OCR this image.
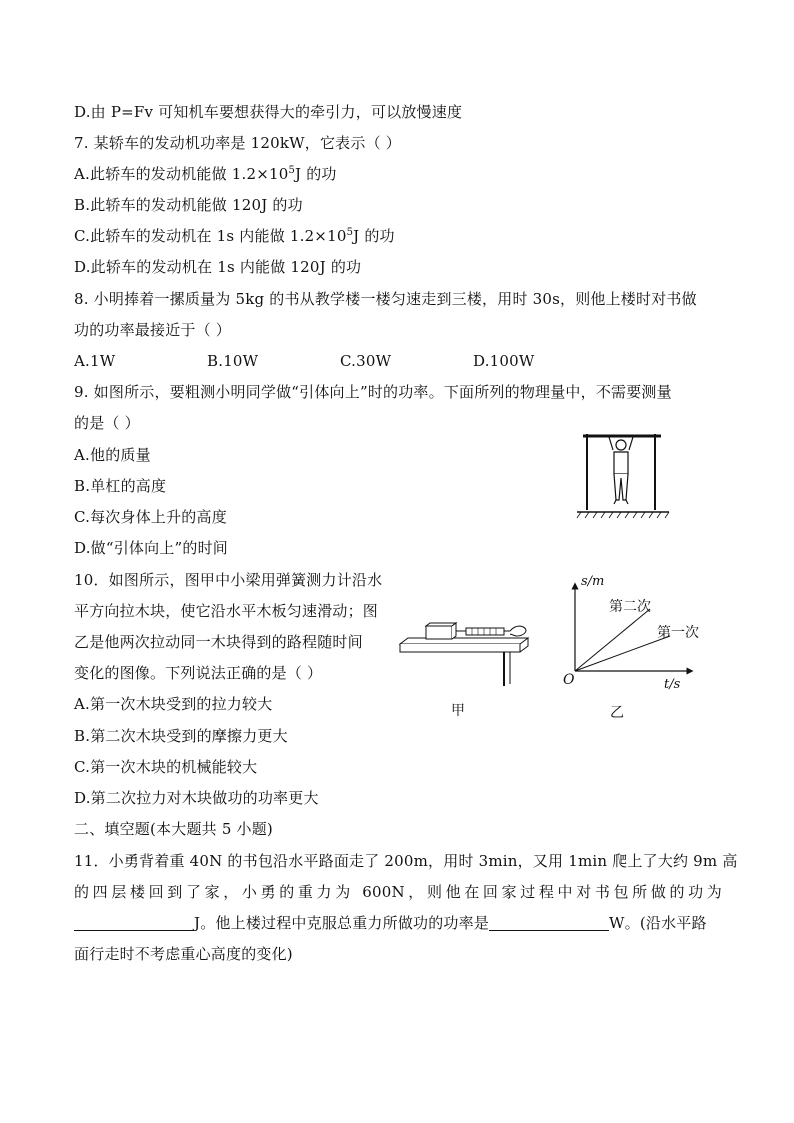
D.由 P=Fv 可知机车要想获得大的牵引力，可以放慢速度
7. 某轿车的发动机功率是 120kW，它表示（ ）
A.此轿车的发动机能做 $1.2\times 10^5J$ 的功
B.此轿车的发动机能做 120J 的功
C.此轿车的发动机在 1s 内能做 $1.2\times 10^5J$ 的功
D.此轿车的发动机在 1s 内能做 120J 的功
8. 小明捧着一摞质量为 5kg 的书从教学楼一楼匀速走到三楼，用时 30s，则他上楼时对书做
功的功率最接近于（ ）
A.1W	B.10W	C.30W	D.100W
9. 如图所示，要粗测小明同学做“引体向上”时的功率。下面所列的物理量中，不需要测量
的是（ ）
A.他的质量
B.单杠的高度
C.每次身体上升的高度
D.做“引体向上”的时间
10．如图所示，图甲中小梁用弹簧测力计沿水
平方向拉木块，使它沿水平木板匀速滑动；图
乙是他两次拉动同一木块得到的路程随时间
变化的图像。下列说法正确的是（ ）
A.第一次木块受到的拉力较大
B.第二次木块受到的摩擦力更大
C.第一次木块的机械能较大
D.第二次拉力对木块做功的功率更大
甲
s/m
t/s
O
第二次
第一次
乙
二、填空题(本大题共 5 小题)
11．小勇背着重 40N 的书包沿水平路面走了 200m，用时 3min，又用 1min 爬上了大约 9m 高
的四层楼回到了家，小勇的重力为 600N，则他在回家过程中对书包所做的功为
J。他上楼过程中克服总重力所做功的功率是	W。(沿水平路
面行走时不考虑重心高度的变化)
